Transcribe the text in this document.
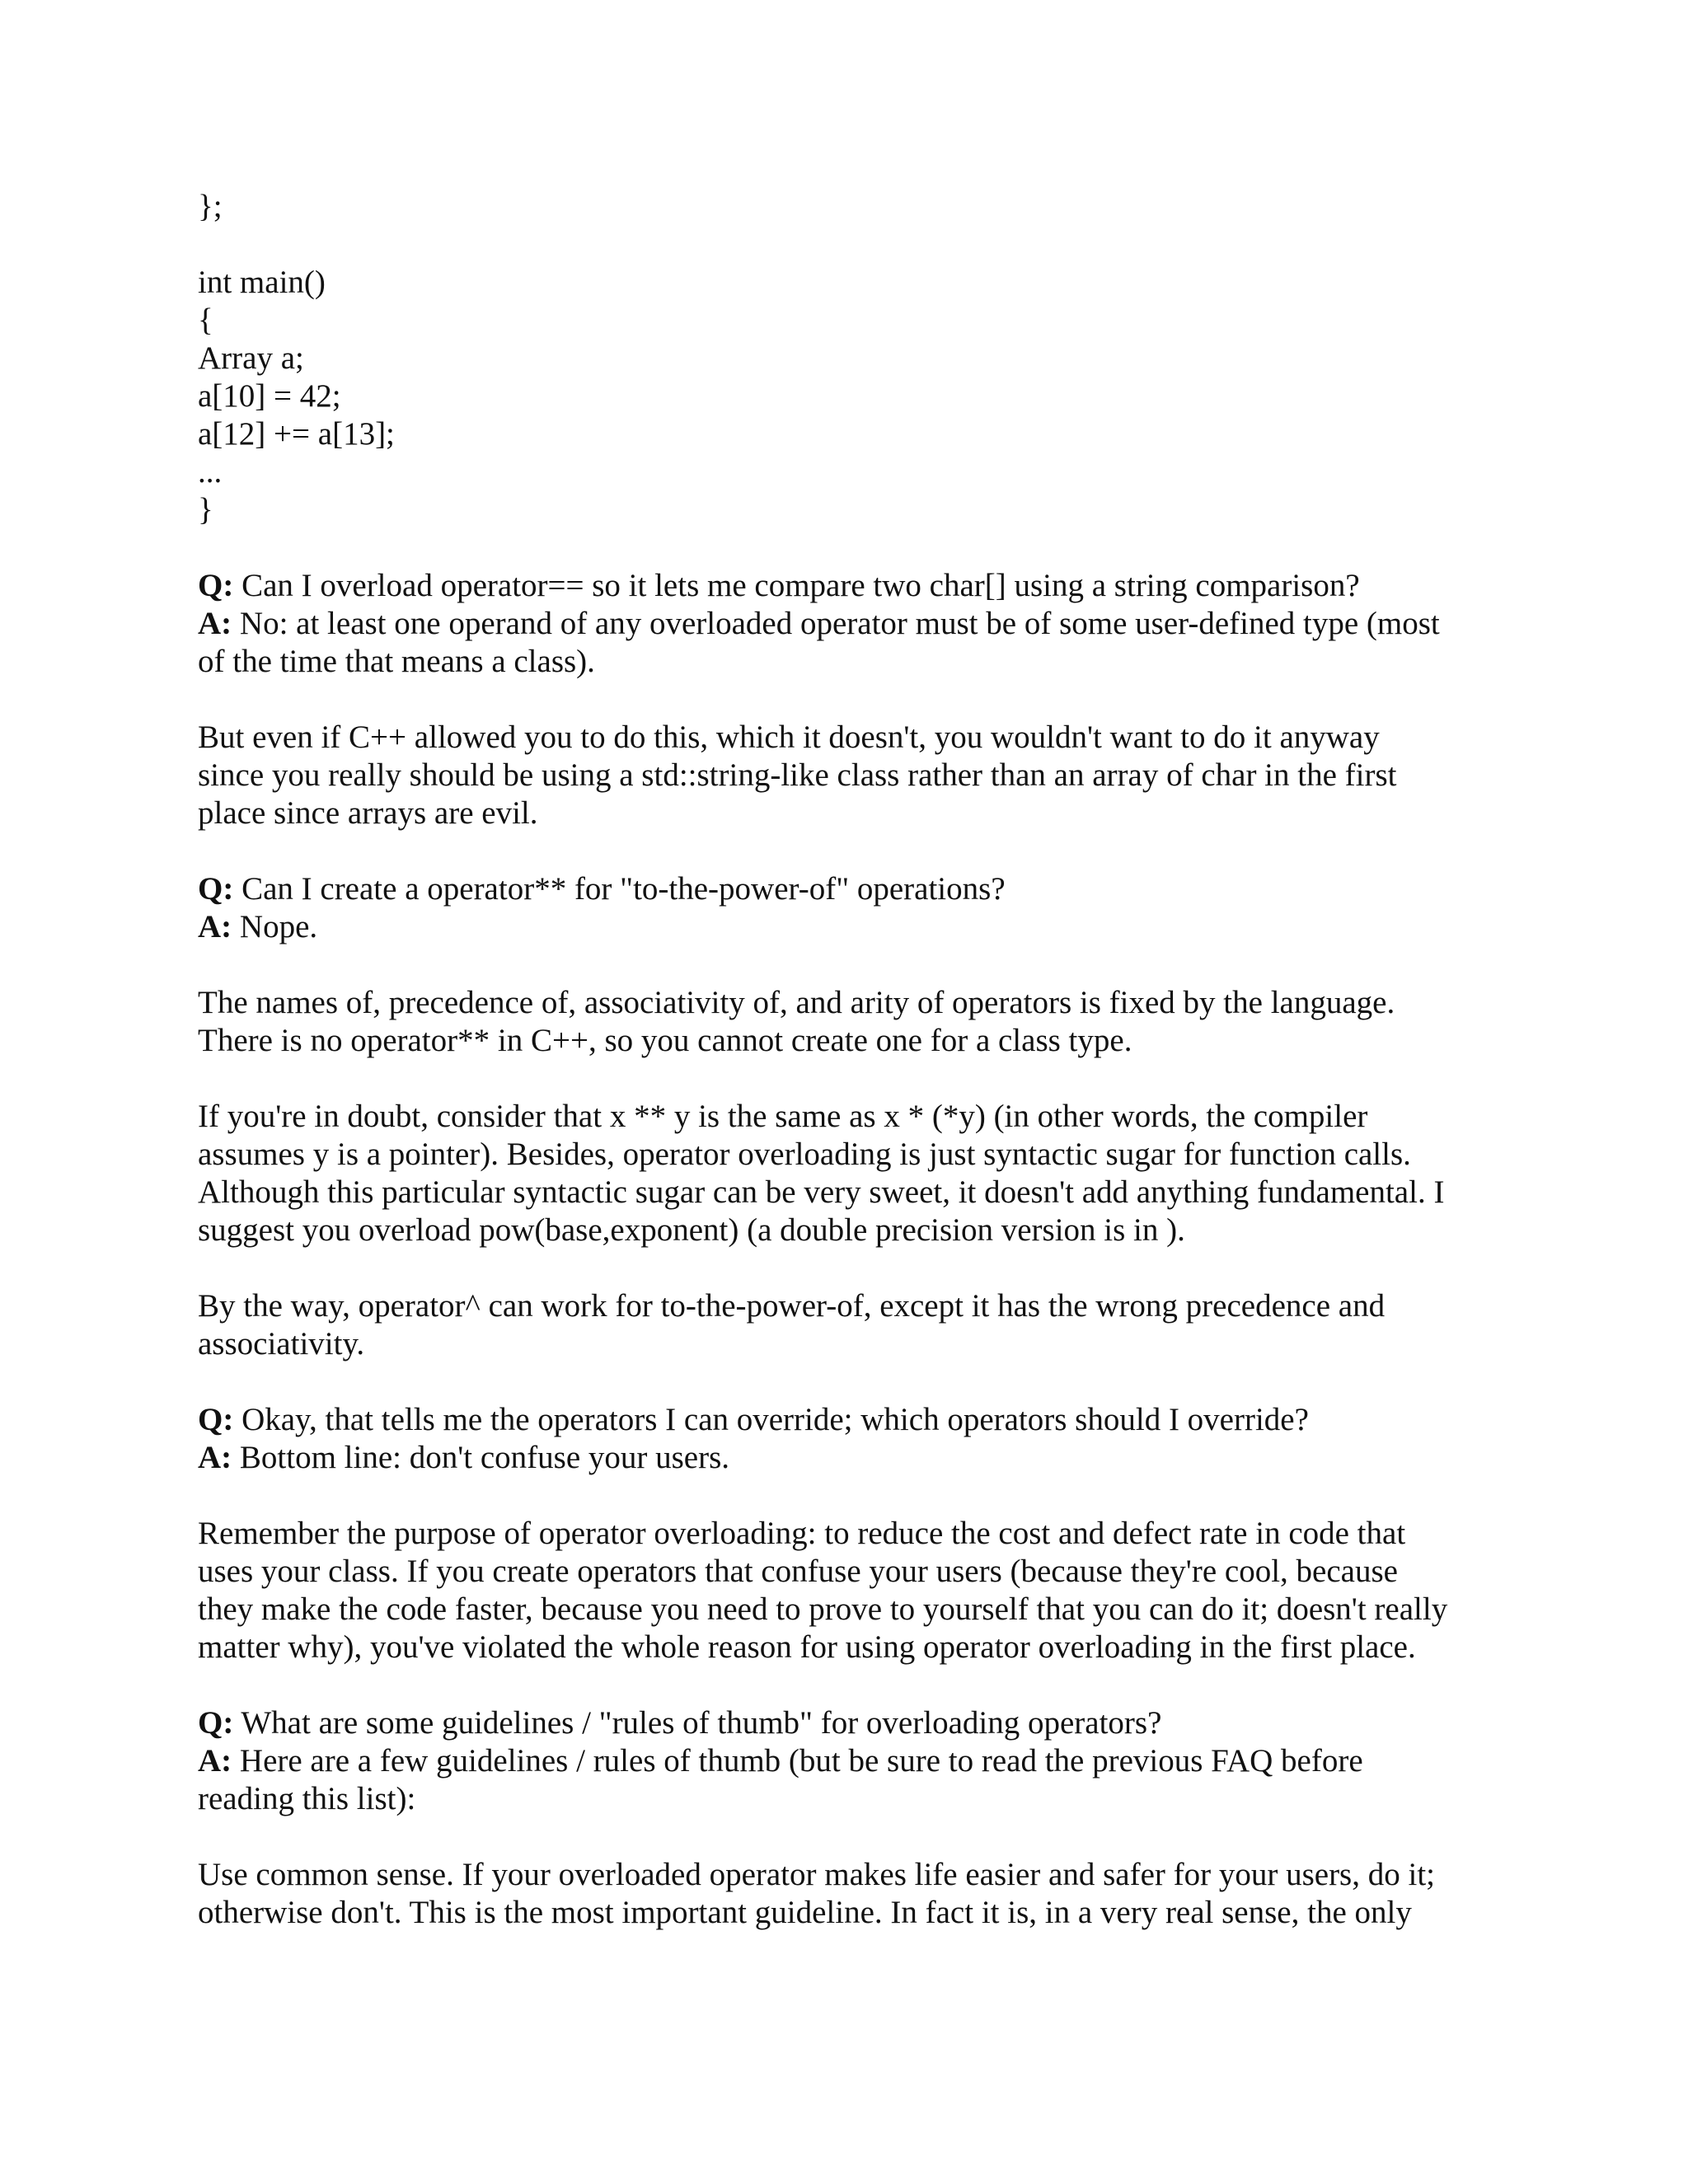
};
int main()
{
Array a;
a[10] = 42;
a[12] += a[13];
...
}
Q: Can I overload operator== so it lets me compare two char[] using a string comparison?
A: No: at least one operand of any overloaded operator must be of some user-defined type (most
of the time that means a class).
But even if C++ allowed you to do this, which it doesn't, you wouldn't want to do it anyway
since you really should be using a std::string-like class rather than an array of char in the first
place since arrays are evil.
Q: Can I create a operator** for "to-the-power-of" operations?
A: Nope.
The names of, precedence of, associativity of, and arity of operators is fixed by the language.
There is no operator** in C++, so you cannot create one for a class type.
If you're in doubt, consider that x ** y is the same as x * (*y) (in other words, the compiler
assumes y is a pointer). Besides, operator overloading is just syntactic sugar for function calls.
Although this particular syntactic sugar can be very sweet, it doesn't add anything fundamental. I
suggest you overload pow(base,exponent) (a double precision version is in ).
By the way, operator^ can work for to-the-power-of, except it has the wrong precedence and
associativity.
Q: Okay, that tells me the operators I can override; which operators should I override?
A: Bottom line: don't confuse your users.
Remember the purpose of operator overloading: to reduce the cost and defect rate in code that
uses your class. If you create operators that confuse your users (because they're cool, because
they make the code faster, because you need to prove to yourself that you can do it; doesn't really
matter why), you've violated the whole reason for using operator overloading in the first place.
Q: What are some guidelines / "rules of thumb" for overloading operators?
A: Here are a few guidelines / rules of thumb (but be sure to read the previous FAQ before
reading this list):
Use common sense. If your overloaded operator makes life easier and safer for your users, do it;
otherwise don't. This is the most important guideline. In fact it is, in a very real sense, the only
